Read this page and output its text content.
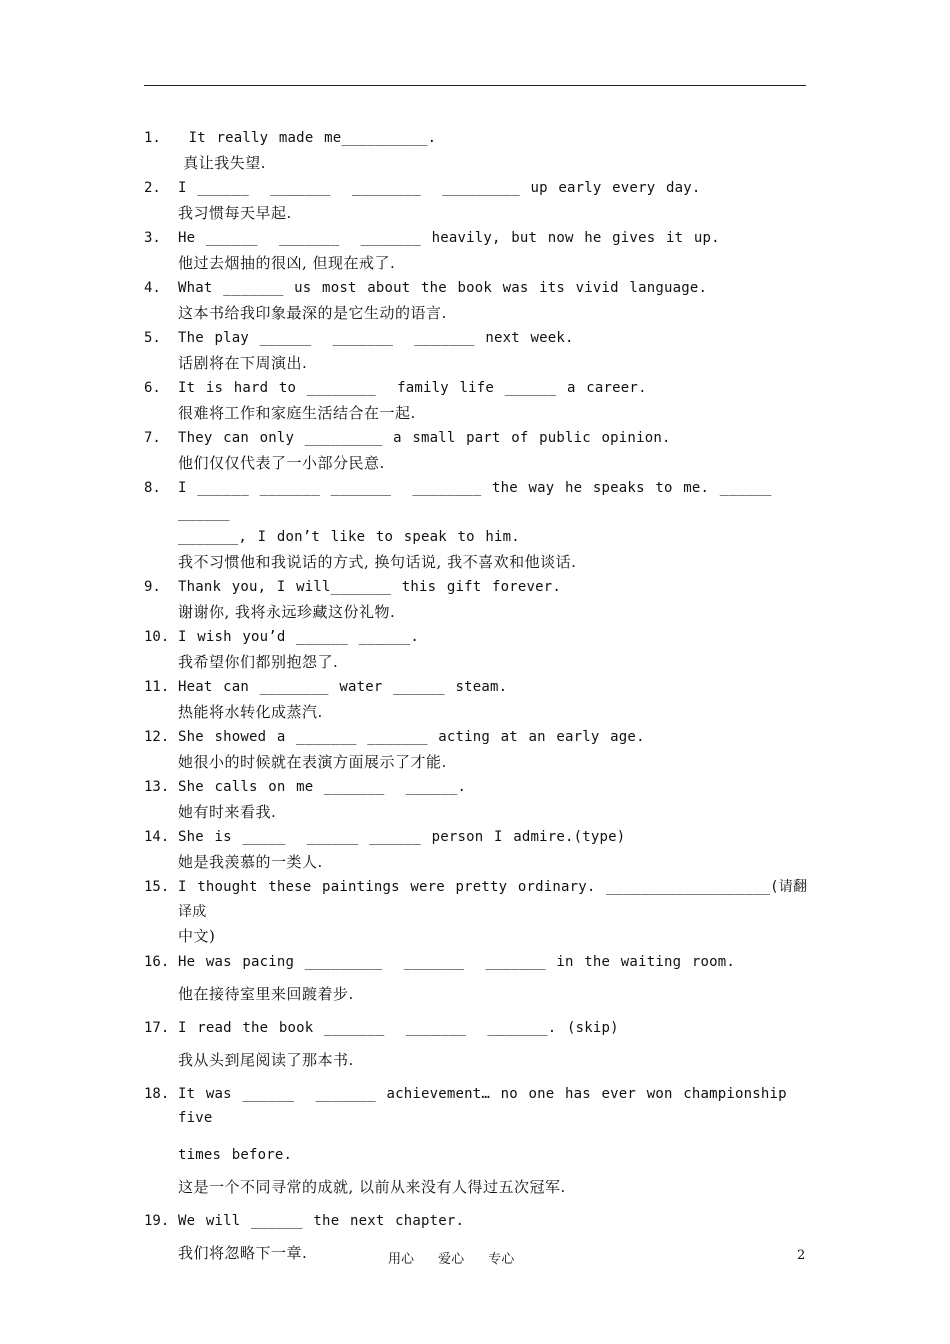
1. It really made me__________.
真让我失望.
2. I ______  _______  ________  _________ up early every day.
我习惯每天早起.
3. He ______  _______  _______ heavily, but now he gives it up.
他过去烟抽的很凶, 但现在戒了.
4. What _______ us most about the book was its vivid language.
这本书给我印象最深的是它生动的语言.
5. The play ______  _______  _______ next week.
话剧将在下周演出.
6. It is hard to ________  family life ______ a career.
很难将工作和家庭生活结合在一起.
7. They can only _________ a small part of public opinion.
他们仅仅代表了一小部分民意.
8. I ______ _______ _______  ________ the way he speaks to me. ______  ______
_______, I don’t like to speak to him.
我不习惯他和我说话的方式, 换句话说, 我不喜欢和他谈话.
9. Thank you, I will_______ this gift forever.
谢谢你, 我将永远珍藏这份礼物.
10. I wish you’d ______ ______.
我希望你们都别抱怨了.
11. Heat can ________ water ______ steam.
热能将水转化成蒸汽.
12. She showed a _______ _______ acting at an early age.
她很小的时候就在表演方面展示了才能.
13. She calls on me _______  ______.
她有时来看我.
14. She is _____  ______ ______ person I admire.(type)
她是我羡慕的一类人.
15. I thought these paintings were pretty ordinary. ___________________(请翻译成
中文)
16. He was pacing _________  _______  _______ in the waiting room.
他在接待室里来回踱着步.
17. I read the book _______  _______  _______. (skip)
我从头到尾阅读了那本书.
18. It was ______  _______ achievement… no one has ever won championship five
times before.
这是一个不同寻常的成就, 以前从来没有人得过五次冠军.
19. We will ______ the next chapter.
我们将忽略下一章.	用心 爱心 专心	2
